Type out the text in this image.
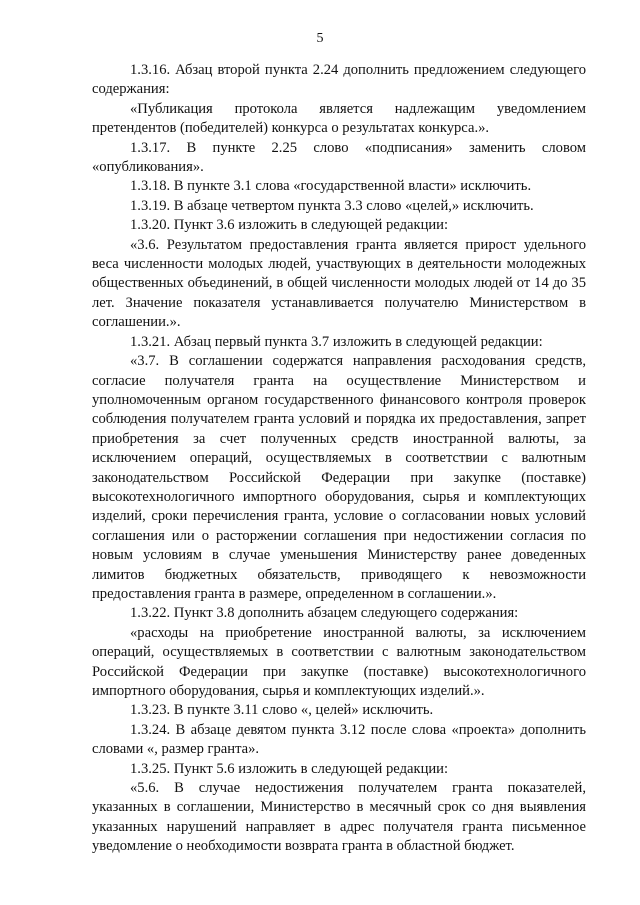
5

1.3.16. Абзац второй пункта 2.24 дополнить предложением следующего содержания:

«Публикация протокола является надлежащим уведомлением претендентов (победителей) конкурса о результатах конкурса.».

1.3.17. В пункте 2.25 слово «подписания» заменить словом «опубликования».

1.3.18. В пункте 3.1 слова «государственной власти» исключить.

1.3.19. В абзаце четвертом пункта 3.3 слово «целей,» исключить.

1.3.20. Пункт 3.6 изложить в следующей редакции:

«3.6. Результатом предоставления гранта является прирост удельного веса численности молодых людей, участвующих в деятельности молодежных общественных объединений, в общей численности молодых людей от 14 до 35 лет. Значение показателя устанавливается получателю Министерством в соглашении.».

1.3.21. Абзац первый пункта 3.7 изложить в следующей редакции:

«3.7. В соглашении содержатся направления расходования средств, согласие получателя гранта на осуществление Министерством и уполномоченным органом государственного финансового контроля проверок соблюдения получателем гранта условий и порядка их предоставления, запрет приобретения за счет полученных средств иностранной валюты, за исключением операций, осуществляемых в соответствии с валютным законодательством Российской Федерации при закупке (поставке) высокотехнологичного импортного оборудования, сырья и комплектующих изделий, сроки перечисления гранта, условие о согласовании новых условий соглашения или о расторжении соглашения при недостижении согласия по новым условиям в случае уменьшения Министерству ранее доведенных лимитов бюджетных обязательств, приводящего к невозможности предоставления гранта в размере, определенном в соглашении.».

1.3.22. Пункт 3.8 дополнить абзацем следующего содержания:

«расходы на приобретение иностранной валюты, за исключением операций, осуществляемых в соответствии с валютным законодательством Российской Федерации при закупке (поставке) высокотехнологичного импортного оборудования, сырья и комплектующих изделий.».

1.3.23. В пункте 3.11 слово «, целей» исключить.

1.3.24. В абзаце девятом пункта 3.12 после слова «проекта» дополнить словами «, размер гранта».

1.3.25. Пункт 5.6 изложить в следующей редакции:

«5.6. В случае недостижения получателем гранта показателей, указанных в соглашении, Министерство в месячный срок со дня выявления указанных нарушений направляет в адрес получателя гранта письменное уведомление о необходимости возврата гранта в областной бюджет.
